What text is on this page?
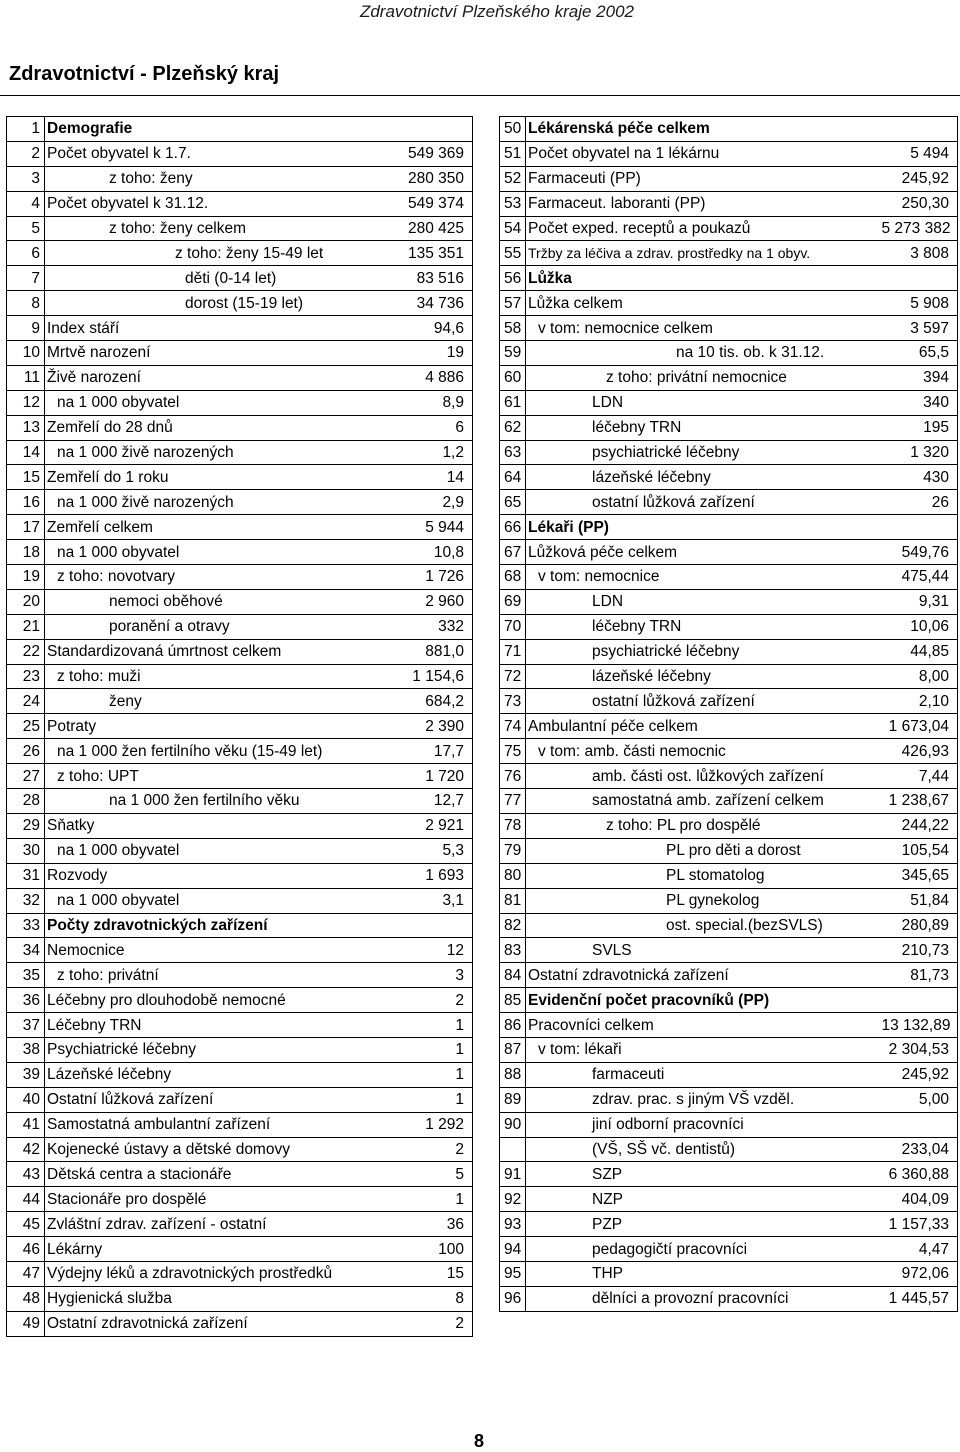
Zdravotnictví Plzeňského kraje 2002
Zdravotnictví - Plzeňský kraj
1	Demografie	
2	Počet obyvatel k 1.7.	549 369
3	z toho: ženy	280 350
4	Počet obyvatel k 31.12.	549 374
5	z toho: ženy celkem	280 425
6	z toho: ženy 15-49 let	135 351
7	děti (0-14 let)	83 516
8	dorost (15-19 let)	34 736
9	Index stáří	94,6
10	Mrtvě narození	19
11	Živě narození	4 886
12	na 1 000 obyvatel	8,9
13	Zemřelí do 28 dnů	6
14	na 1 000 živě narozených	1,2
15	Zemřelí do 1 roku	14
16	na 1 000 živě narozených	2,9
17	Zemřelí celkem	5 944
18	na 1 000 obyvatel	10,8
19	z toho: novotvary	1 726
20	nemoci oběhové	2 960
21	poranění a otravy	332
22	Standardizovaná úmrtnost celkem	881,0
23	z toho: muži	1 154,6
24	ženy	684,2
25	Potraty	2 390
26	na 1 000 žen fertilního věku (15-49 let)	17,7
27	z toho: UPT	1 720
28	na 1 000 žen fertilního věku	12,7
29	Sňatky	2 921
30	na 1 000 obyvatel	5,3
31	Rozvody	1 693
32	na 1 000 obyvatel	3,1
33	Počty zdravotnických zařízení	
34	Nemocnice	12
35	z toho: privátní	3
36	Léčebny pro dlouhodobě nemocné	2
37	Léčebny TRN	1
38	Psychiatrické léčebny	1
39	Lázeňské léčebny	1
40	Ostatní lůžková zařízení	1
41	Samostatná ambulantní zařízení	1 292
42	Kojenecké ústavy a dětské domovy	2
43	Dětská centra a stacionáře	5
44	Stacionáře pro dospělé	1
45	Zvláštní zdrav. zařízení - ostatní	36
46	Lékárny	100
47	Výdejny léků a zdravotnických prostředků	15
48	Hygienická služba	8
49	Ostatní zdravotnická zařízení	2
50	Lékárenská péče celkem	
51	Počet obyvatel na 1 lékárnu	5 494
52	Farmaceuti (PP)	245,92
53	Farmaceut. laboranti (PP)	250,30
54	Počet exped. receptů a poukazů	5 273 382
55	Tržby za léčiva a zdrav. prostředky na 1 obyv.	3 808
56	Lůžka	
57	Lůžka celkem	5 908
58	v tom: nemocnice celkem	3 597
59	na 10 tis. ob. k 31.12.	65,5
60	z toho: privátní nemocnice	394
61	LDN	340
62	léčebny TRN	195
63	psychiatrické léčebny	1 320
64	lázeňské léčebny	430
65	ostatní lůžková zařízení	26
66	Lékaři (PP)	
67	Lůžková péče celkem	549,76
68	v tom: nemocnice	475,44
69	LDN	9,31
70	léčebny TRN	10,06
71	psychiatrické léčebny	44,85
72	lázeňské léčebny	8,00
73	ostatní lůžková zařízení	2,10
74	Ambulantní péče celkem	1 673,04
75	v tom: amb. části nemocnic	426,93
76	amb. části ost. lůžkových zařízení	7,44
77	samostatná amb. zařízení celkem	1 238,67
78	z toho: PL pro dospělé	244,22
79	PL pro děti a dorost	105,54
80	PL stomatolog	345,65
81	PL gynekolog	51,84
82	ost. special.(bezSVLS)	280,89
83	SVLS	210,73
84	Ostatní zdravotnická zařízení	81,73
85	Evidenční počet pracovníků (PP)	
86	Pracovníci celkem	13 132,89
87	v tom: lékaři	2 304,53
88	farmaceuti	245,92
89	zdrav. prac. s jiným VŠ vzděl.	5,00
90	jiní odborní pracovníci	
	(VŠ, SŠ vč. dentistů)	233,04
91	SZP	6 360,88
92	NZP	404,09
93	PZP	1 157,33
94	pedagogičtí pracovníci	4,47
95	THP	972,06
96	dělníci a provozní pracovníci	1 445,57
8
